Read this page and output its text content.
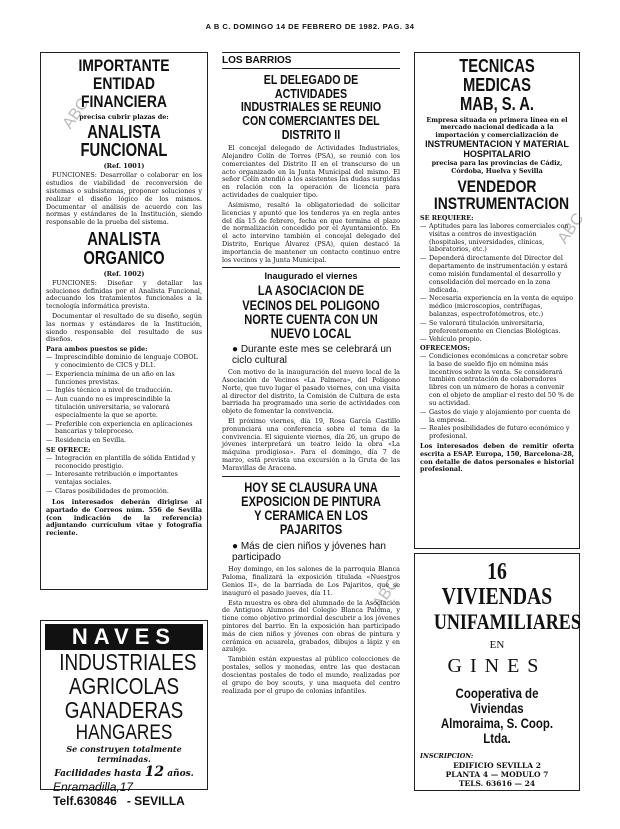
A B C. DOMINGO 14 DE FEBRERO DE 1982. PAG. 34
ABC
ABC
ABC
IMPORTANTE ENTIDAD FINANCIERA
precisa cubrir plazas de:
ANALISTA FUNCIONAL
(Ref. 1001)

FUNCIONES: Desarrollar o colaborar en los estudios de viabilidad de reconversión de sistemas o subsistemas, proponer soluciones y realizar el diseño lógico de los mismos. Documentar el análisis de acuerdo con las normas y estándares de la Institución, siendo responsable de la prueba del sistema.

ANALISTA ORGANICO
(Ref. 1002)

FUNCIONES: Diseñar y detallar las soluciones definidas por el Analista Funcional, adecuando los tratamientos funcionales a la tecnología informática prevista.

Documentar el resultado de su diseño, según las normas y estándares de la Institución, siendo responsable del resultado de sus diseños.

Para ambos puestos se pide:
— Imprescindible dominio de lenguaje COBOL y conocimiento de CICS y DL1.
— Experiencia mínima de un año en las funciones previstas.
— Inglés técnico a nivel de traducción.
— Aun cuando no es imprescindible la titulación universitaria, se valorará especialmente la que se aporte.
— Preferible con experiencia en aplicaciones bancarias y teleproceso.
— Residencia en Sevilla.
SE OFRECE:
— Integración en plantilla de sólida Entidad y reconocido prestigio.
— Interesante retribución e importantes ventajas sociales.
— Claras posibilidades de promoción.

Los interesados deberán dirigirse al apartado de Correos núm. 556 de Sevilla (con indicación de la referencia) adjuntando currículum vitae y fotografía reciente.

NAVES
INDUSTRIALES
AGRICOLAS
GANADERAS
HANGARES
Se construyen totalmente terminadas.
Facilidades hasta 12 años.
Enramadilla,17
Telf.630846 - SEVILLA
LOS BARRIOS
EL DELEGADO DE ACTIVIDADES INDUSTRIALES SE REUNIO CON COMERCIANTES DEL DISTRITO II

El concejal delegado de Actividades Industriales, Alejandro Colín de Torres (PSA), se reunió con los comerciantes del Distrito II en el transcurso de un acto organizado en la Junta Municipal del mismo. El señor Colín atendió a los asistentes las dudas surgidas en relación con la operación de licencia para actividades de cualquier tipo.

Asimismo, resaltó la obligatoriedad de solicitar licencias y apuntó que los tenderos ya en regla antes del día 15 de febrero, fecha en que termina el plazo de normalización concedido por el Ayuntamiento. En el acto intervino también el concejal delegado del Distrito, Enrique Álvarez (PSA), quien destacó la importancia de mantener un contacto continuo entre los vecinos y la Junta Municipal.

Inaugurado el viernes
LA ASOCIACION DE VECINOS DEL POLIGONO NORTE CUENTA CON UN NUEVO LOCAL
● Durante este mes se celebrará un ciclo cultural

Con motivo de la inauguración del nuevo local de la Asociación de Vecinos «La Palmera», del Polígono Norte, que tuvo lugar el pasado viernes, con una visita al director del distrito, la Comisión de Cultura de esta barriada ha programado una serie de actividades con objeto de fomentar la convivencia.

El próximo viernes, día 19, Rosa García Castillo pronunciará una conferencia sobre el tema de la convivencia. El siguiente viernes, día 26, un grupo de jóvenes interpretará un teatro leído la obra «La máquina prodigiosa». Para el domingo, día 7 de marzo, está prevista una excursión a la Gruta de las Maravillas de Aracena.

HOY SE CLAUSURA UNA EXPOSICION DE PINTURA Y CERAMICA EN LOS PAJARITOS
● Más de cien niños y jóvenes han participado

Hoy domingo, en los salones de la parroquia Blanca Paloma, finalizará la exposición titulada «Nuestros Genios II», de la barriada de Los Pajaritos, que se inauguró el pasado jueves, día 11.

Esta muestra es obra del alumnado de la Asociación de Antiguos Alumnos del Colegio Blanca Paloma, y tiene como objetivo primordial descubrir a los jóvenes pintores del barrio. En la exposición han participado más de cien niños y jóvenes con obras de pintura y cerámica en acuarela, grabados, dibujos a lápiz y en azulejo.

También están expuestas al público colecciones de postales, sellos y monedas, entre las que destacan doscientas postales de todo el mundo, realizadas por el grupo de boy scouts, y una maqueta del centro realizada por el grupo de colonias infantiles.

TECNICAS MEDICAS
MAB, S. A.
Empresa situada en primera línea en el mercado nacional dedicada a la importación y comercialización de
INSTRUMENTACION Y MATERIAL HOSPITALARIO
precisa para las provincias de Cádiz, Córdoba, Huelva y Sevilla
VENDEDOR
INSTRUMENTACION
SE REQUIERE:
— Aptitudes para las labores comerciales con visitas a centros de investigación (hospitales, universidades, clínicas, laboratorios, etc.)
— Dependerá directamente del Director del departamento de instrumentación y estará como misión fundamental el desarrollo y consolidación del mercado en la zona indicada.
— Necesaria experiencia en la venta de equipo médico (microscopios, centrífugas, balanzas, espectrofotómetros, etc.)
— Se valorará titulación universitaria, preferentemente en Ciencias Biológicas.
— Vehículo propio.
OFRECEMOS:
— Condiciones económicas a concretar sobre la base de sueldo fijo en nómina más incentivos sobre la venta. Se considerará también contratación de colaboradores libres con un número de horas a convenir con el objeto de ampliar el resto del 50 % de su actividad.
— Gastos de viaje y alojamiento por cuenta de la empresa.
— Reales posibilidades de futuro económico y profesional.
Los interesados deben de remitir oferta escrita a ESAP. Europa, 150, Barcelona-28, con detalle de datos personales e historial profesional.
16
VIVIENDAS
UNIFAMILIARES
EN
GINES
Cooperativa de Viviendas
Almoraima, S. Coop. Ltda.
INSCRIPCION:
EDIFICIO SEVILLA 2
PLANTA 4 — MODULO 7
TELS. 63616 — 24
